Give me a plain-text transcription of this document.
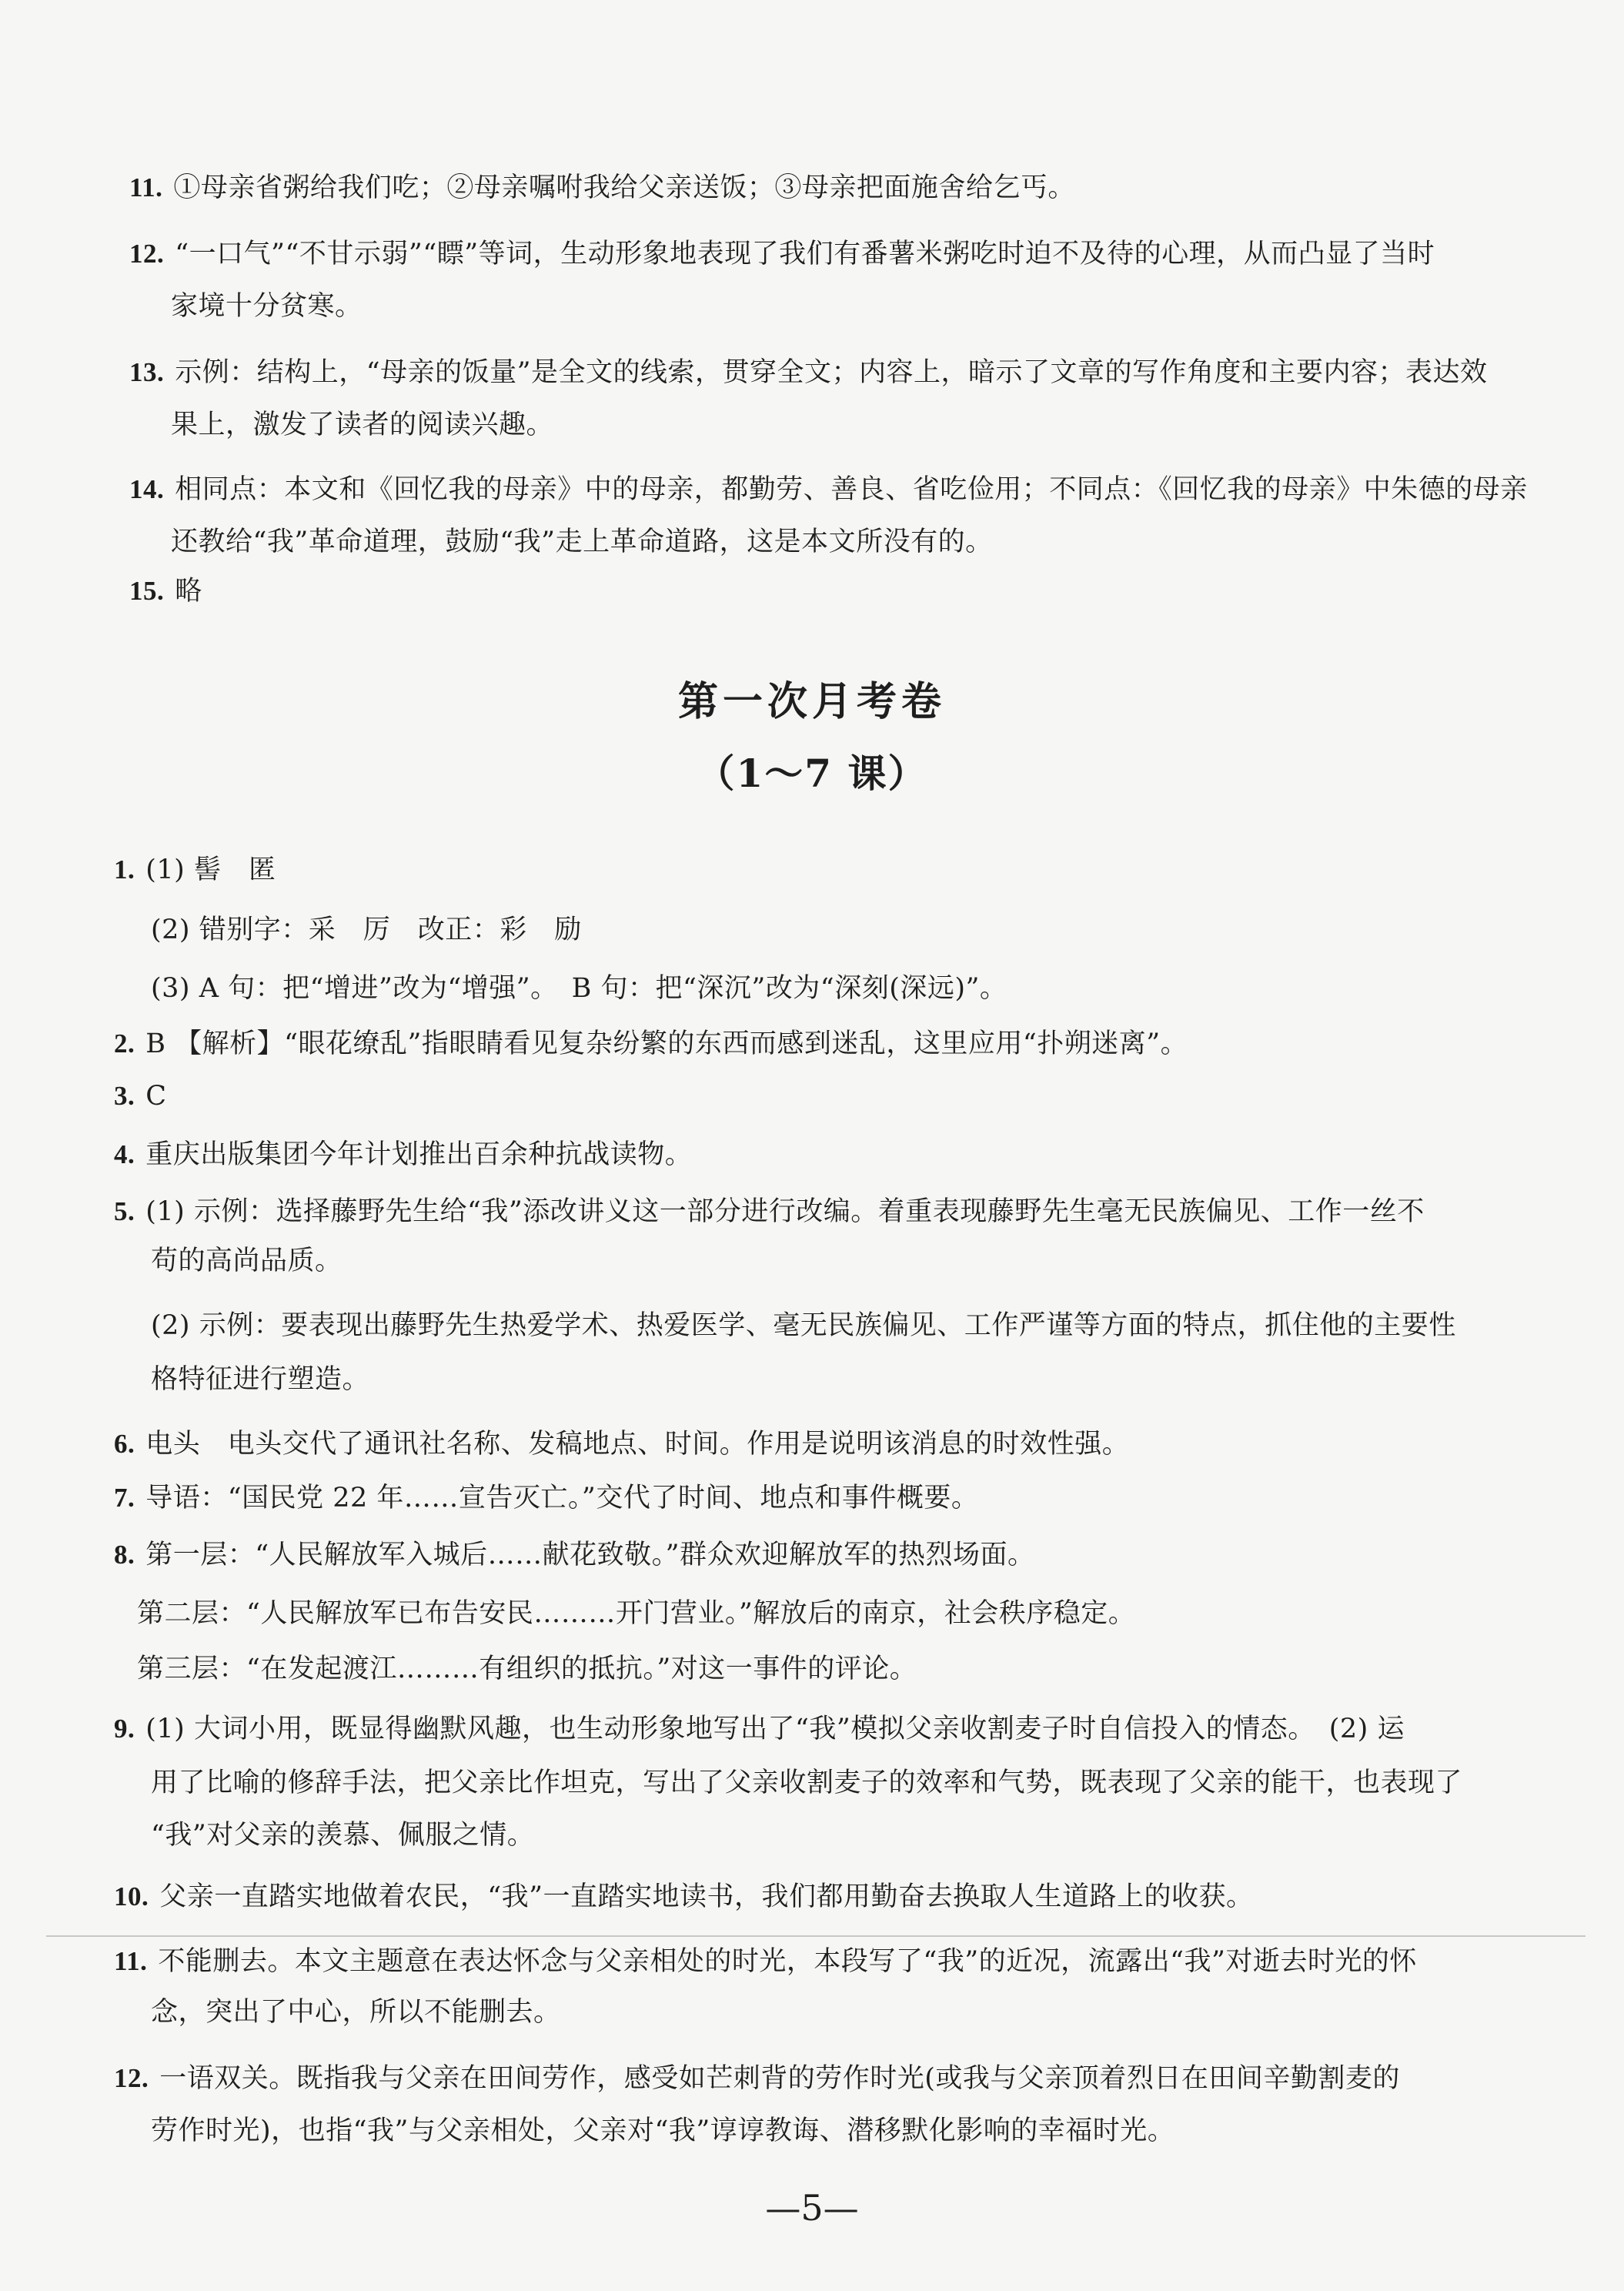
11. ①母亲省粥给我们吃；②母亲嘱咐我给父亲送饭；③母亲把面施舍给乞丐。
12. “一口气”“不甘示弱”“瞟”等词，生动形象地表现了我们有番薯米粥吃时迫不及待的心理，从而凸显了当时
家境十分贫寒。
13. 示例：结构上，“母亲的饭量”是全文的线索，贯穿全文；内容上，暗示了文章的写作角度和主要内容；表达效
果上，激发了读者的阅读兴趣。
14. 相同点：本文和《回忆我的母亲》中的母亲，都勤劳、善良、省吃俭用；不同点：《回忆我的母亲》中朱德的母亲
还教给“我”革命道理，鼓励“我”走上革命道路，这是本文所没有的。
15. 略
第一次月考卷
（1～7 课）
1. (1) 髻　匿
(2) 错别字：采　厉　改正：彩　励
(3) A 句：把“增进”改为“增强”。　B 句：把“深沉”改为“深刻(深远)”。
2. B 【解析】“眼花缭乱”指眼睛看见复杂纷繁的东西而感到迷乱，这里应用“扑朔迷离”。
3. C
4. 重庆出版集团今年计划推出百余种抗战读物。
5. (1) 示例：选择藤野先生给“我”添改讲义这一部分进行改编。着重表现藤野先生毫无民族偏见、工作一丝不
苟的高尚品质。
(2) 示例：要表现出藤野先生热爱学术、热爱医学、毫无民族偏见、工作严谨等方面的特点，抓住他的主要性
格特征进行塑造。
6. 电头　电头交代了通讯社名称、发稿地点、时间。作用是说明该消息的时效性强。
7. 导语：“国民党 22 年……宣告灭亡。”交代了时间、地点和事件概要。
8. 第一层：“人民解放军入城后……献花致敬。”群众欢迎解放军的热烈场面。
第二层：“人民解放军已布告安民………开门营业。”解放后的南京，社会秩序稳定。
第三层：“在发起渡江………有组织的抵抗。”对这一事件的评论。
9. (1) 大词小用，既显得幽默风趣，也生动形象地写出了“我”模拟父亲收割麦子时自信投入的情态。　(2) 运
用了比喻的修辞手法，把父亲比作坦克，写出了父亲收割麦子的效率和气势，既表现了父亲的能干，也表现了
“我”对父亲的羡慕、佩服之情。
10. 父亲一直踏实地做着农民，“我”一直踏实地读书，我们都用勤奋去换取人生道路上的收获。
11. 不能删去。本文主题意在表达怀念与父亲相处的时光，本段写了“我”的近况，流露出“我”对逝去时光的怀
念，突出了中心，所以不能删去。
12. 一语双关。既指我与父亲在田间劳作，感受如芒刺背的劳作时光(或我与父亲顶着烈日在田间辛勤割麦的
劳作时光)，也指“我”与父亲相处，父亲对“我”谆谆教诲、潜移默化影响的幸福时光。
—5—
